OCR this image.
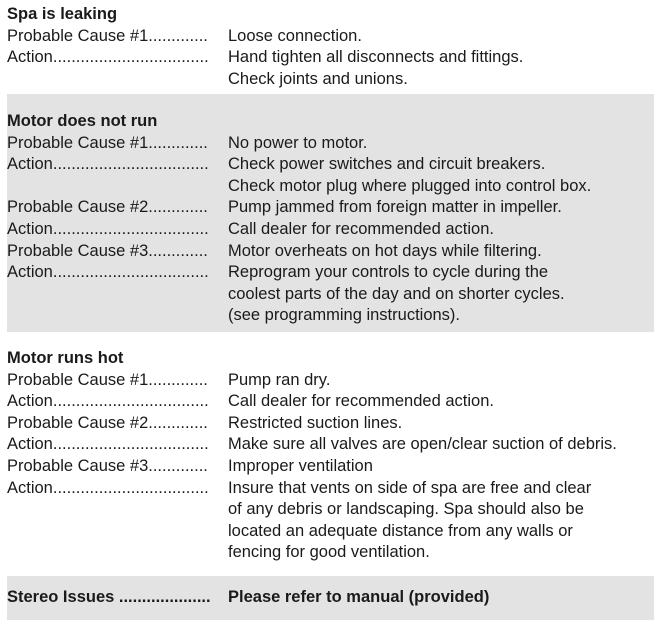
Spa is leaking
Probable Cause #1.............	Loose connection.
Action..................................	Hand tighten all disconnects and fittings.
Check joints and unions.
Motor does not run
Probable Cause #1.............	No power to motor.
Action..................................	Check power switches and circuit breakers.
Check motor plug where plugged into control box.
Probable Cause #2.............	Pump jammed from foreign matter in impeller.
Action..................................	Call dealer for recommended action.
Probable Cause #3.............	Motor overheats on hot days while filtering.
Action..................................	Reprogram your controls to cycle during the
coolest parts of the day and on shorter cycles.
(see programming instructions).
Motor runs hot
Probable Cause #1.............	Pump ran dry.
Action..................................	Call dealer for recommended action.
Probable Cause #2.............	Restricted suction lines.
Action..................................	Make sure all valves are open/clear suction of debris.
Probable Cause #3.............	Improper ventilation
Action..................................	Insure that vents on side of spa are free and clear
of any debris or landscaping. Spa should also be
located an adequate distance from any walls or
fencing for good ventilation.
Stereo Issues ....................	Please refer to manual (provided)
